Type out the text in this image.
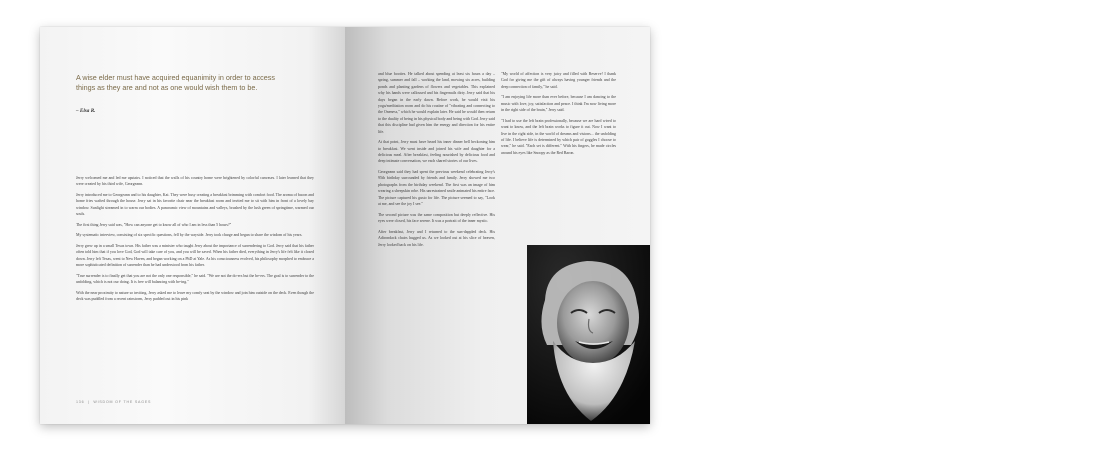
A wise elder must have acquired equanimity in order to access things as they are and not as one would wish them to be.
– Elsa R.

Jerry welcomed me and led me upstairs. I noticed that the walls of his country home were brightened by colorful canvases. I later learned that they were created by his third wife, Georgeann.

Jerry introduced me to Georgeann and to his daughter, Kai. They were busy creating a breakfast brimming with comfort food. The aroma of bacon and home fries wafted through the house. Jerry sat in his favorite chair near the breakfast room and invited me to sit with him in front of a lovely bay window. Sunlight streamed in to warm our bodies. A panoramic view of mountains and valleys, brushed by the lush green of springtime, warmed our souls.

The first thing Jerry said was, "How can anyone get to know all of who I am in less than 5 hours?"

My systematic interview, consisting of six specific questions, fell by the wayside. Jerry took charge and began to share the wisdom of his years.

Jerry grew up in a small Texas town. His father was a minister who taught Jerry about the importance of surrendering to God. Jerry said that his father often told him that if you love God, God will take care of you, and you will be saved. When his father died, everything in Jerry's life felt like it closed down. Jerry left Texas, went to New Haven, and began working on a PhD at Yale. As his consciousness evolved, his philosophy morphed to embrace a more sophisticated definition of surrender than he had understood from his father.

"True surrender is to finally get that you are not the only one responsible," he said. "We are not the do-ers but the be-ers. The goal is to surrender to the unfolding, which is not our doing. It is free will balancing with be-ing."

With the near proximity to nature so inviting, Jerry asked me to leave my comfy seat by the window and join him outside on the deck. Even though the deck was puddled from a recent rainstorm, Jerry padded out in his pink

136  |  WISDOM OF THE SAGES

and blue booties. He talked about spending at least six hours a day – spring, summer and fall – working the land, mowing six acres, building ponds and planting gardens of flowers and vegetables. This explained why his hands were calloused and his fingernails dirty. Jerry said that his days began in the early dawn. Before work, he would visit his yoga/meditation room and do his routine of "vibrating and connecting to the Oneness," which he would explain later. He said he would then return to the duality of being in his physical body and being with God. Jerry said that this discipline had given him the energy and direction for his entire life.

At that point, Jerry must have heard his inner dinner bell beckoning him to breakfast. We went inside and joined his wife and daughter for a delicious meal. After breakfast, feeling nourished by delicious food and deep intimate conversation, we each shared stories of our lives.

Georgeann said they had spent the previous weekend celebrating Jerry's 95th birthday surrounded by friends and family. Jerry showed me two photographs from the birthday weekend. The first was an image of him wearing a sheepskin robe. His unrestrained smile animated his entire face. The picture captured his gusto for life. The picture seemed to say, "Look at me, and see the joy I see."

The second picture was the same composition but deeply reflective. His eyes were closed, his face serene. It was a portrait of the inner mystic.

After breakfast, Jerry and I returned to the sun-dappled deck. His Adirondack chairs hugged us. As we looked out at his slice of heaven, Jerry looked back on his life.

"My world of affection is very juicy and filled with Reserve! I thank God for giving me the gift of always having younger friends and the deep connection of family," he said.

"I am enjoying life more than ever before, because I am dancing to the music with love, joy, satisfaction and peace. I think I'm now living more in the right side of the brain," Jerry said.

"I had to use the left brain professionally, because we are hard wired to want to know, and the left brain works to figure it out. Now I want to live in the right side, in the world of dreams and visions... the unfolding of life. I believe life is determined by which pair of goggles I choose to wear," he said. "Each set is different." With his fingers, he made circles around his eyes like Snoopy as the Red Baron.
